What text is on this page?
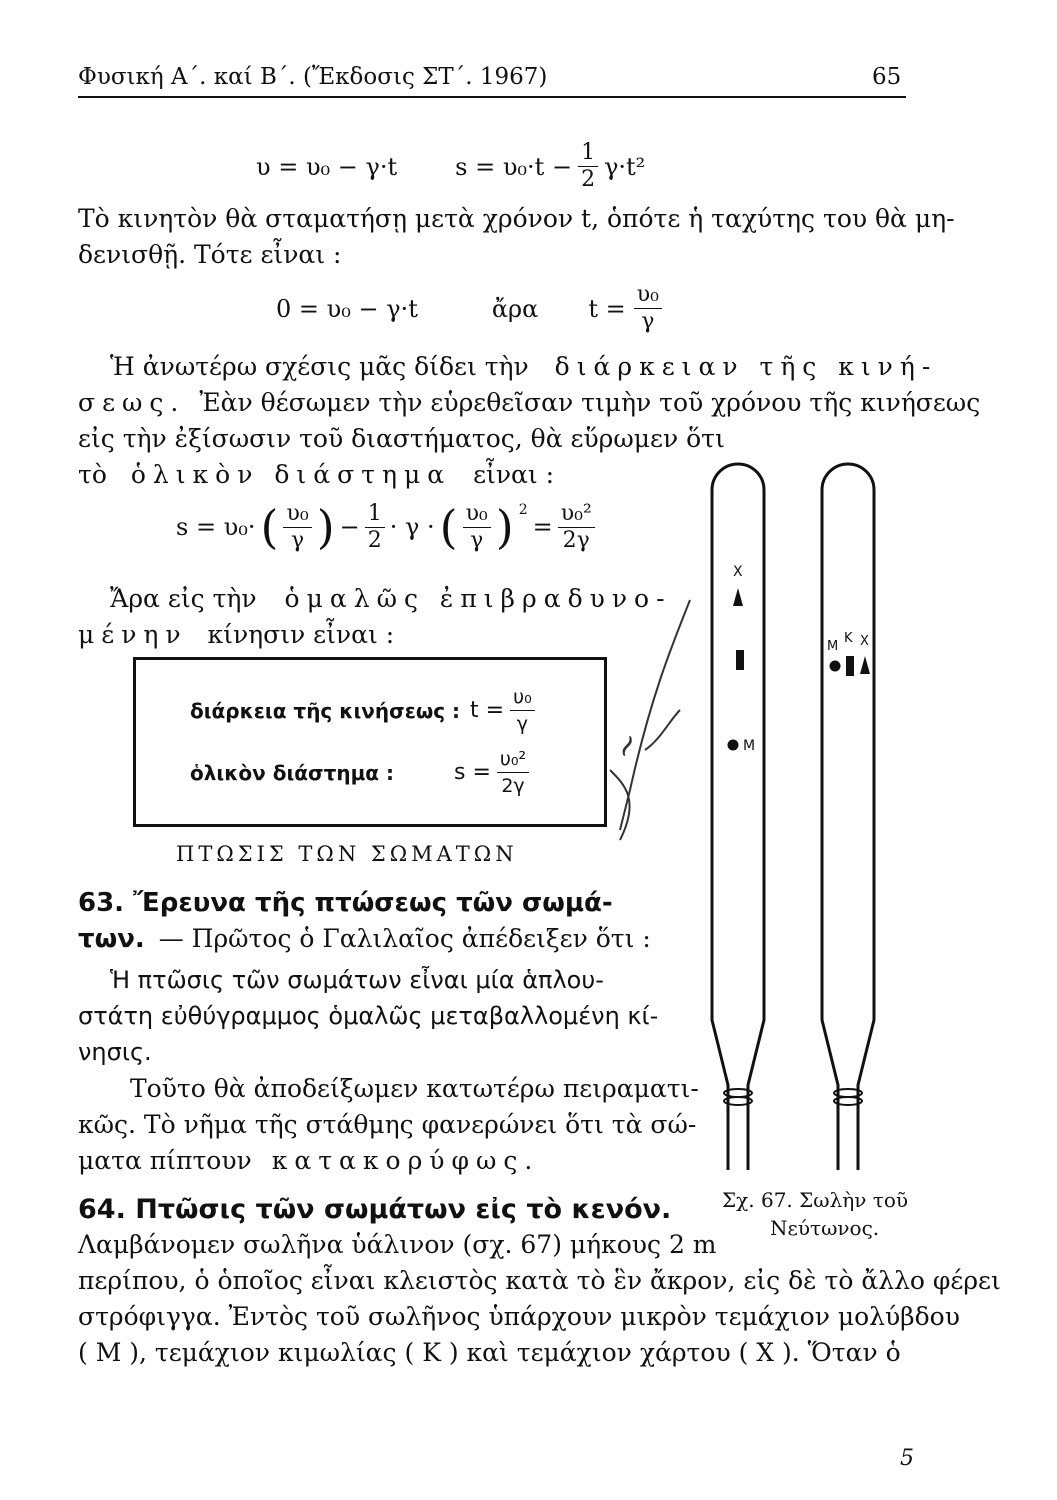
Φυσική Α΄. καί Β΄. (Ἔκδοσις ΣΤ΄. 1967)	65
υ = υ₀ − γ·t $s = \upsilon_0\cdot t - \frac{1}{2} \gamma\cdot t^2$
Τὸ κινητὸν θὰ σταματήσῃ μετὰ χρόνον t, ὁπότε ἡ ταχύτης του θὰ μη-
δενισθῇ. Τότε εἶναι :
0 = υ₀ − γ·t	ἄρα $t = \frac{\text{υ₀}}{\gamma}$
Ἡ ἀνωτέρω σχέσις μᾶς δίδει τὴν διάρκειαν τῆς κινή-
σεως. Ἐὰν θέσωμεν τὴν εὑρεθεῖσαν τιμὴν τοῦ χρόνου τῆς κινήσεως
εἰς τὴν ἐξίσωσιν τοῦ διαστήματος, θὰ εὕρωμεν ὅτι
τὸ ὁλικὸν διάστημα εἶναι :
s = υ₀· ( $\frac{\text{υ₀}}{\gamma}$ ) − $\frac{1}{2} \cdot \gamma$ · ( $\frac{\text{υ₀}}{\gamma}$ ) $^2$
= $\frac{\text{υ₀²}}{2\gamma}$
Ἄρα εἰς τὴν ὁμαλῶς ἐπιβραδυνο-
μένην κίνησιν εἶναι :
διάρκεια τῆς κινήσεως : $t = \frac{\text{υ₀}}{\gamma}$
ὁλικὸν διάστημα :	$s = \frac{\text{υ₀²}}{2\gamma}$
~
ΠΤΩΣΙΣ ΤΩΝ ΣΩΜΑΤΩΝ
63. Ἔρευνα τῆς πτώσεως τῶν σωμά-
των. — Πρῶτος ὁ Γαλιλαῖος ἀπέδειξεν ὅτι :
Ἡ πτῶσις τῶν σωμάτων εἶναι μία ἁπλου-
στάτη εὐθύγραμμος ὁμαλῶς μεταβαλλομένη κί-
νησις.
Τοῦτο θὰ ἀποδείξωμεν κατωτέρω πειραματι-
κῶς. Τὸ νῆμα τῆς στάθμης φανερώνει ὅτι τὰ σώ-
ματα πίπτουν κατακορύφως.
64. Πτῶσις τῶν σωμάτων εἰς τὸ κενόν.
Λαμβάνομεν σωλῆνα ὑάλινον (σχ. 67) μήκους 2 m
περίπου, ὁ ὁποῖος εἶναι κλειστὸς κατὰ τὸ ἓν ἄκρον, εἰς δὲ τὸ ἄλλο φέρει
στρόφιγγα. Ἐντὸς τοῦ σωλῆνος ὑπάρχουν μικρὸν τεμάχιον μολύβδου
( Μ ), τεμάχιον κιμωλίας ( Κ ) καὶ τεμάχιον χάρτου ( Χ ). Ὅταν ὁ
Χ
Μ
Μ
Κ Χ
Σχ. 67. Σωλὴν τοῦ
Νεύτωνος.
5
